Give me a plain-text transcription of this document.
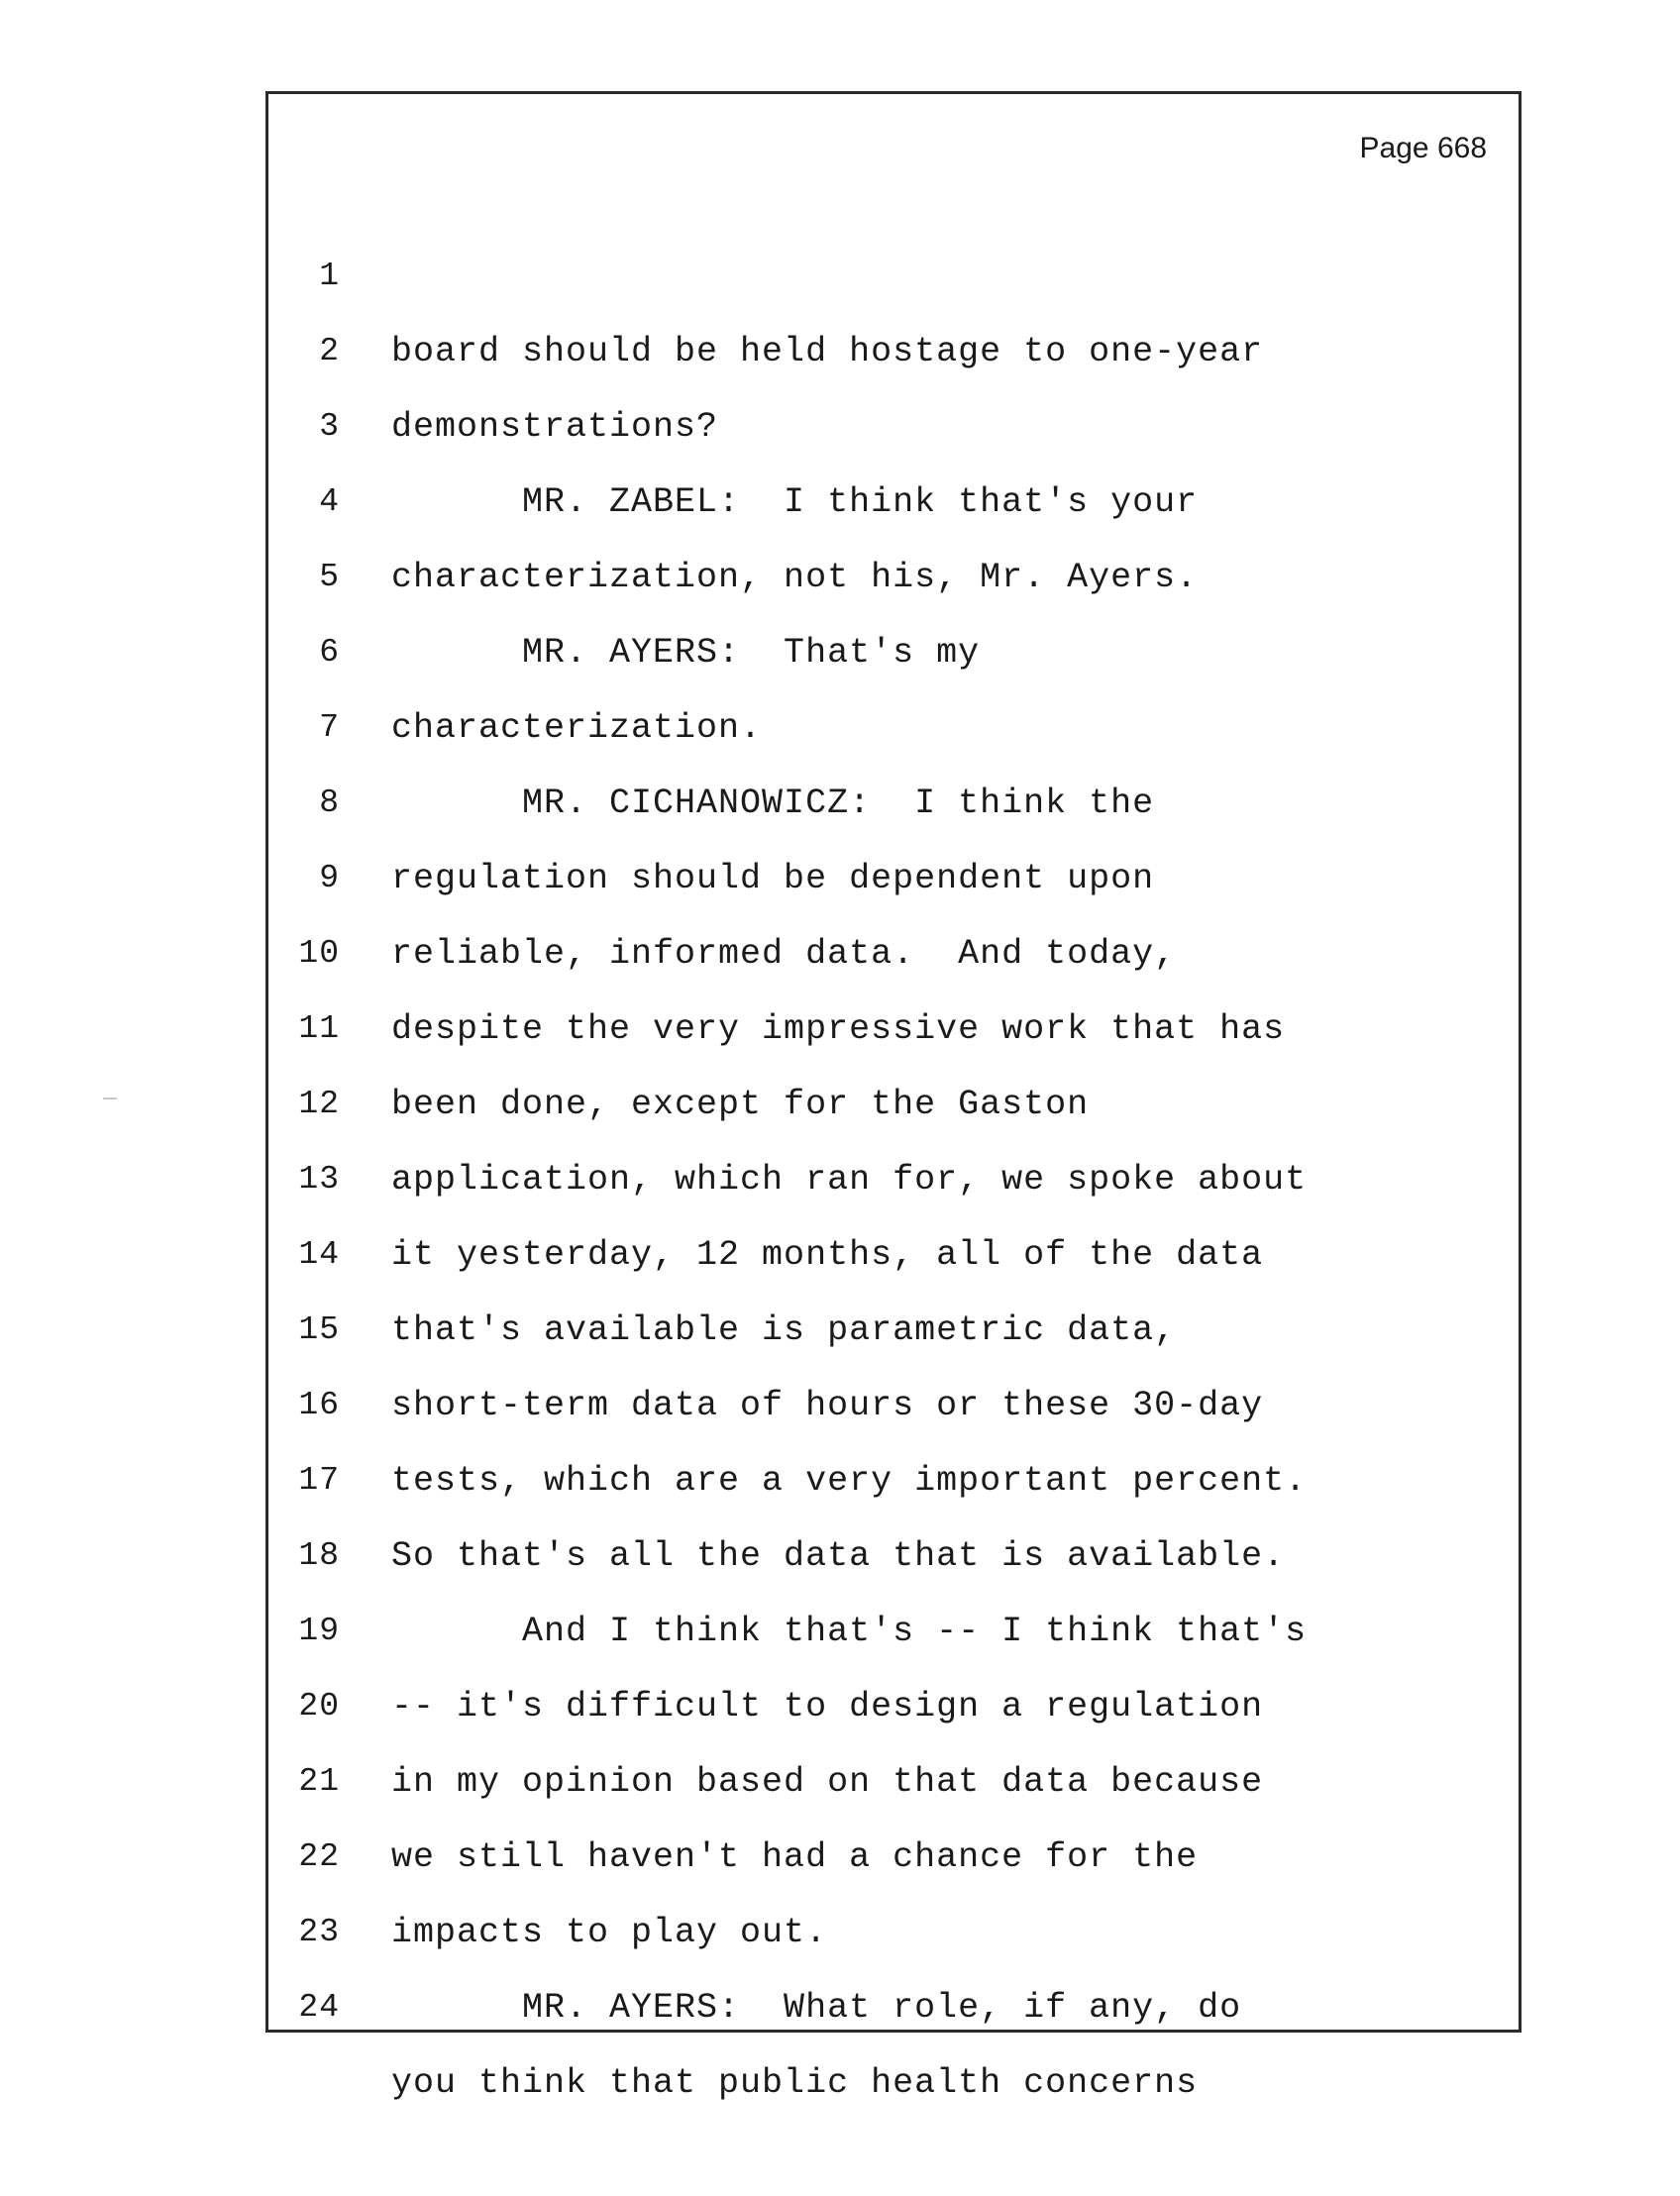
Page 668

1

board should be held hostage to one-year

2

demonstrations?

3

MR. ZABEL:  I think that's your

4

characterization, not his, Mr. Ayers.

5

MR. AYERS:  That's my

6

characterization.

7

MR. CICHANOWICZ:  I think the

8

regulation should be dependent upon

9

reliable, informed data.  And today,

10

despite the very impressive work that has

11

been done, except for the Gaston

12

application, which ran for, we spoke about

13

it yesterday, 12 months, all of the data

14

that's available is parametric data,

15

short-term data of hours or these 30-day

16

tests, which are a very important percent.

17

So that's all the data that is available.

18

And I think that's -- I think that's

19

-- it's difficult to design a regulation

20

in my opinion based on that data because

21

we still haven't had a chance for the

22

impacts to play out.

23

MR. AYERS:  What role, if any, do

24

you think that public health concerns
